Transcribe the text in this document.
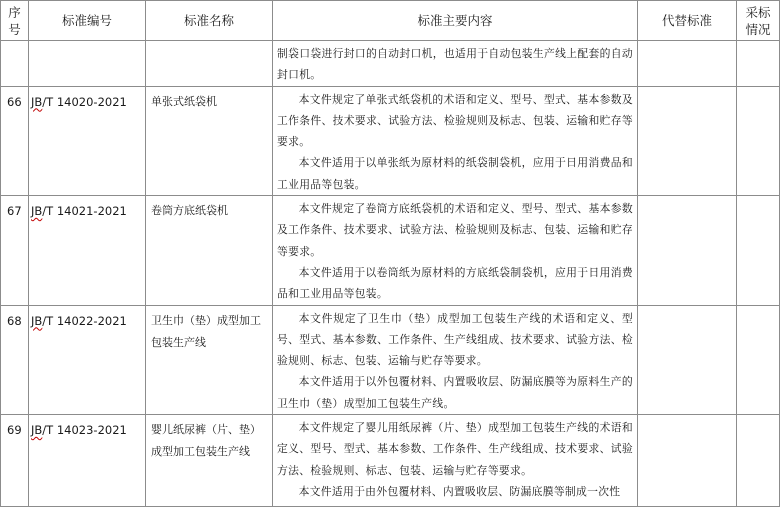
序号	标准编号	标准名称	标准主要内容	代替标准	采标情况

			制袋口袋进行封口的自动封口机，也适用于自动包装生产线上配套的自动封口机。		

66	JB/T 14020-2021	单张式纸袋机	本文件规定了单张式纸袋机的术语和定义、型号、型式、基本参数及工作条件、技术要求、试验方法、检验规则及标志、包装、运输和贮存等要求。

本文件适用于以单张纸为原材料的纸袋制袋机，应用于日用消费品和工业用品等包装。		

67	JB/T 14021-2021	卷筒方底纸袋机	本文件规定了卷筒方底纸袋机的术语和定义、型号、型式、基本参数及工作条件、技术要求、试验方法、检验规则及标志、包装、运输和贮存等要求。

本文件适用于以卷筒纸为原材料的方底纸袋制袋机，应用于日用消费品和工业用品等包装。		

68	JB/T 14022-2021	卫生巾（垫）成型加工包装生产线	本文件规定了卫生巾（垫）成型加工包装生产线的术语和定义、型号、型式、基本参数、工作条件、生产线组成、技术要求、试验方法、检验规则、标志、包装、运输与贮存等要求。

本文件适用于以外包覆材料、内置吸收层、防漏底膜等为原料生产的卫生巾（垫）成型加工包装生产线。		

69	JB/T 14023-2021	婴儿纸尿裤（片、垫）成型加工包装生产线	本文件规定了婴儿用纸尿裤（片、垫）成型加工包装生产线的术语和定义、型号、型式、基本参数、工作条件、生产线组成、技术要求、试验方法、检验规则、标志、包装、运输与贮存等要求。

本文件适用于由外包覆材料、内置吸收层、防漏底膜等制成一次性		
